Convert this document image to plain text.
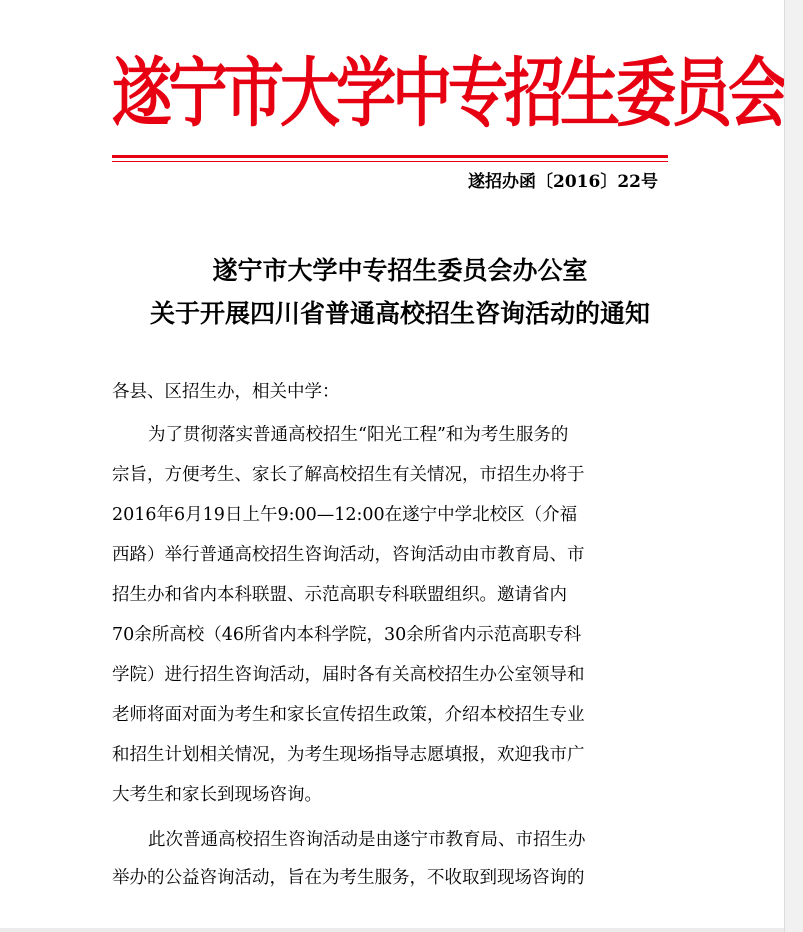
遂宁市大学中专招生委员会
遂招办函〔2016〕22号
遂宁市大学中专招生委员会办公室
关于开展四川省普通高校招生咨询活动的通知
各县、区招生办，相关中学：
为了贯彻落实普通高校招生“阳光工程”和为考生服务的
宗旨，方便考生、家长了解高校招生有关情况，市招生办将于
2016年6月19日上午9:00—12:00在遂宁中学北校区（介福
西路）举行普通高校招生咨询活动，咨询活动由市教育局、市
招生办和省内本科联盟、示范高职专科联盟组织。邀请省内
70余所高校（46所省内本科学院，30余所省内示范高职专科
学院）进行招生咨询活动，届时各有关高校招生办公室领导和
老师将面对面为考生和家长宣传招生政策，介绍本校招生专业
和招生计划相关情况，为考生现场指导志愿填报，欢迎我市广
大考生和家长到现场咨询。
此次普通高校招生咨询活动是由遂宁市教育局、市招生办
举办的公益咨询活动，旨在为考生服务，不收取到现场咨询的
